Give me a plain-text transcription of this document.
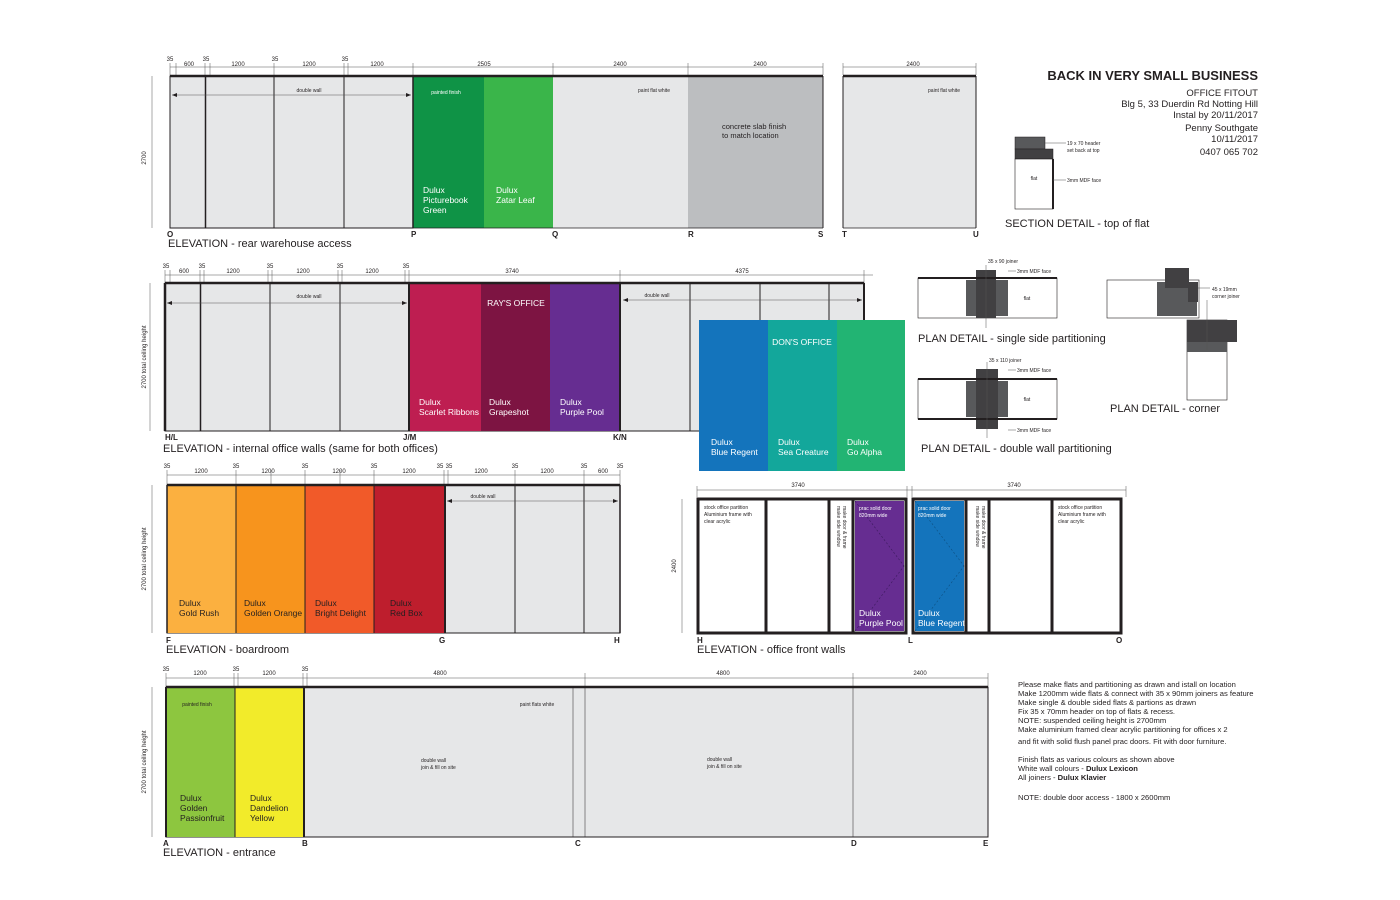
BACK IN VERY SMALL BUSINESS
OFFICE FITOUT
Blg 5, 33 Duerdin Rd Notting Hill
Instal by 20/11/2017
Penny Southgate
10/11/2017
0407 065 702
35
600
35
1200
35
1200
35
1200	2505	2400	2400	2400
2700
double wall	painted finish	paint flat white	paint flat white
concrete slab finish
to match location
Dulux
Picturebook
Green
Dulux
Zatar Leaf
O	P	Q	R	S T	U
ELEVATION - rear warehouse access
35
600
35
1200
35
1200
35
1200
35
3740	4375
2700 total ceiling height
double wall	double wall
RAY'S OFFICE
Dulux
Scarlet Ribbons
Dulux
Grapeshot
Dulux
Purple Pool
DON'S OFFICE
Dulux
Blue Regent
Dulux
Sea Creature
Dulux
Go Alpha
H/L	J/M	K/N
ELEVATION - internal office walls (same for both offices)
35
1200
35
1200
35
1200
35
1200
35 35
1200
35
1200
35
600
35
2700 total ceiling height
double wall
Dulux
Gold Rush
Dulux
Golden Orange
Dulux
Bright Delight
Dulux
Red Box
F	G	H
ELEVATION - boardroom
3740	3740
2400
stock office partition
Aluminium frame with
clear acrylic
stock office partition
Aluminium frame with
clear acrylic
make door & frame
make side window	make door & frame
make side window
prac solid door
820mm wide
prac solid door
820mm wide
Dulux
Purple Pool
Dulux
Blue Regent
H	L	O
ELEVATION - office front walls
35
1200
35
1200
35
4800	4800	2400
2700 total ceiling height
painted finish	paint flats white
double wall
join & fill on site
double wall
join & fill on site
Dulux
Golden
Passionfruit
Dulux
Dandelion
Yellow
A	B	C	D	E
ELEVATION - entrance
flat
19 x 70 header
set back at top
3mm MDF face
SECTION DETAIL - top of flat
flat
35 x 90 joiner
3mm MDF face
PLAN DETAIL - single side partitioning
flat
35 x 110 joiner
3mm MDF face
3mm MDF face
PLAN DETAIL - double wall partitioning
45 x 19mm
corner joiner
PLAN DETAIL - corner
Please make flats and partitioning as drawn and istall on location
Make 1200mm wide flats & connect with 35 x 90mm joiners as feature
Make single & double sided flats & partions as drawn
Fix 35 x 70mm header on top of flats & recess.
NOTE: suspended ceiling height is 2700mm
Make aluminium framed clear acrylic partitioning for offices x 2
and fit with solid flush panel prac doors. Fit with door furniture.
Finish flats as various colours as shown above
White wall colours - Dulux Lexicon
All joiners - Dulux Klavier
NOTE: double door access - 1800 x 2600mm
